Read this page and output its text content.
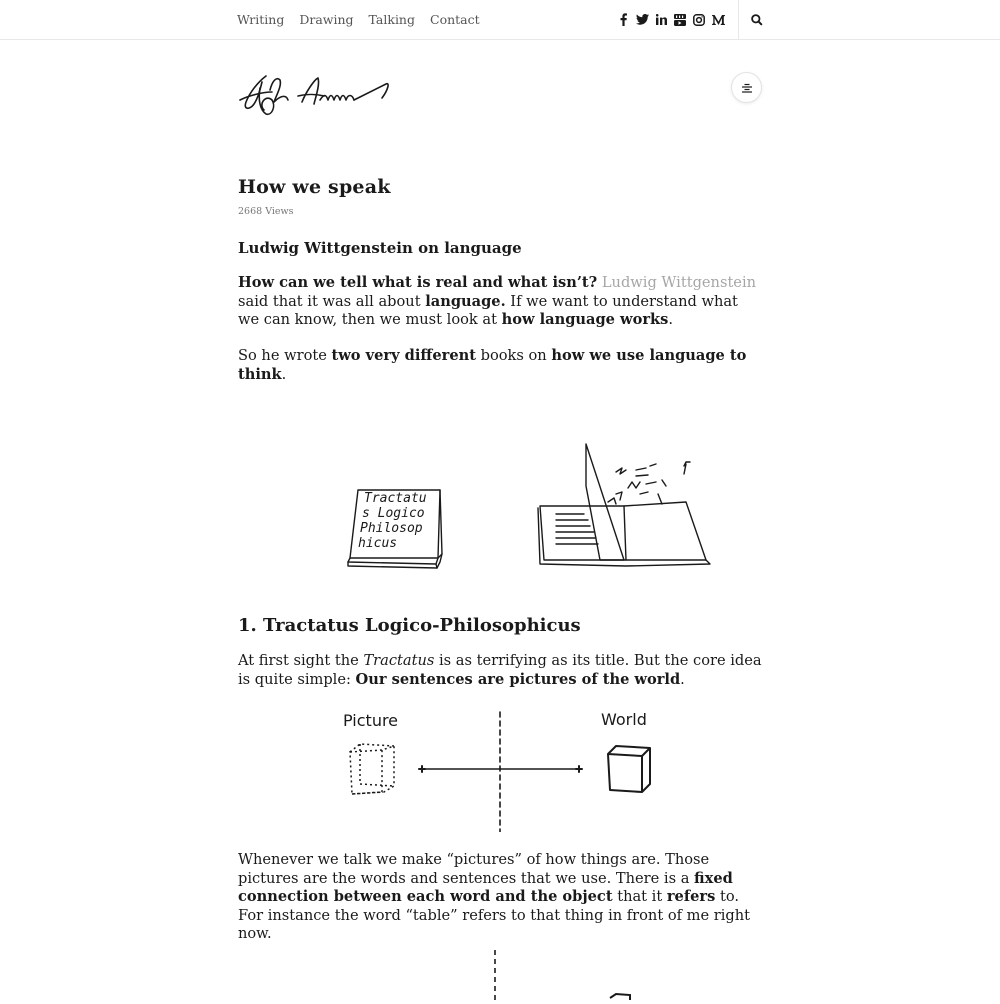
Writing Drawing Talking Contact
How we speak
2668 Views
Ludwig Wittgenstein on language

How can we tell what is real and what isn’t? Ludwig Wittgenstein said that it was all about language. If we want to understand what we can know, then we must look at how language works.

So he wrote two very different books on how we use language to think.

Tractatu
s Logico
Philosop
hicus
1. Tractatus Logico-Philosophicus

At first sight the Tractatus is as terrifying as its title. But the core idea is quite simple: Our sentences are pictures of the world.

Picture	World

Whenever we talk we make “pictures” of how things are. Those pictures are the words and sentences that we use. There is a fixed connection between each word and the object that it refers to. For instance the word “table” refers to that thing in front of me right now.
